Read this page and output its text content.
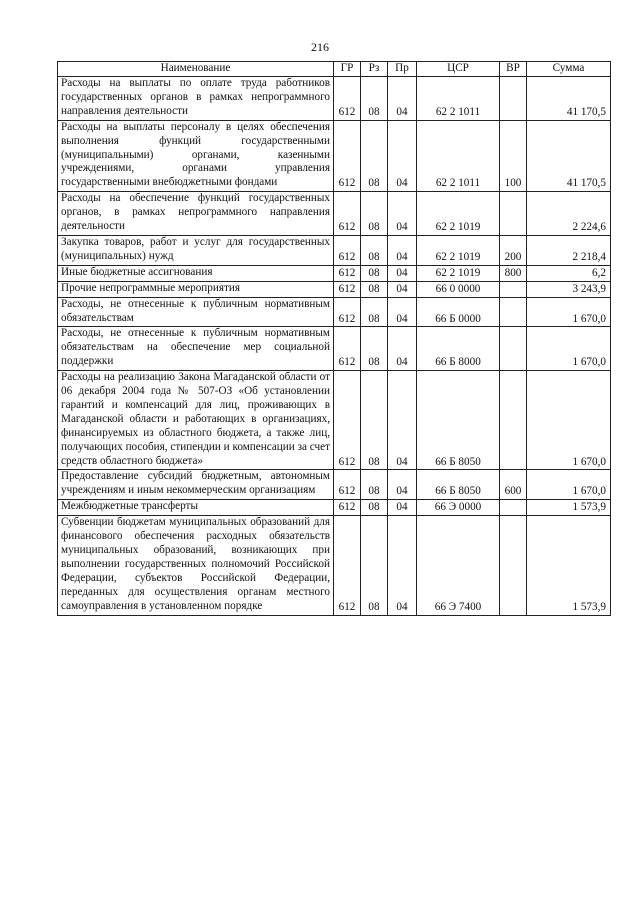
216
Наименование	ГР	Рз	Пр	ЦСР	ВР	Сумма
Расходы на выплаты по оплате труда работников государственных органов в рамках непрограммного направления деятельности	612	08	04	62 2 1011		41 170,5
Расходы на выплаты персоналу в целях обеспечения выполнения функций государственными (муниципальными) органами, казенными учреждениями, органами управления государственными внебюджетными фондами	612	08	04	62 2 1011	100	41 170,5
Расходы на обеспечение функций государственных органов, в рамках непрограммного направления деятельности	612	08	04	62 2 1019		2 224,6
Закупка товаров, работ и услуг для государственных (муниципальных) нужд	612	08	04	62 2 1019	200	2 218,4
Иные бюджетные ассигнования	612	08	04	62 2 1019	800	6,2
Прочие непрограммные мероприятия	612	08	04	66 0 0000		3 243,9
Расходы, не отнесенные к публичным нормативным обязательствам	612	08	04	66 Б 0000		1 670,0
Расходы, не отнесенные к публичным нормативным обязательствам на обеспечение мер социальной поддержки	612	08	04	66 Б 8000		1 670,0
Расходы на реализацию Закона Магаданской области от 06 декабря 2004 года № 507-ОЗ «Об установлении гарантий и компенсаций для лиц, проживающих в Магаданской области и работающих в организациях, финансируемых из областного бюджета, а также лиц, получающих пособия, стипендии и компенсации за счет средств областного бюджета»	612	08	04	66 Б 8050		1 670,0
Предоставление субсидий бюджетным, автономным учреждениям и иным некоммерческим организациям	612	08	04	66 Б 8050	600	1 670,0
Межбюджетные трансферты	612	08	04	66 Э 0000		1 573,9
Субвенции бюджетам муниципальных образований для финансового обеспечения расходных обязательств муниципальных образований, возникающих при выполнении государственных полномочий Российской Федерации, субъектов Российской Федерации, переданных для осуществления органам местного самоуправления в установленном порядке	612	08	04	66 Э 7400		1 573,9
